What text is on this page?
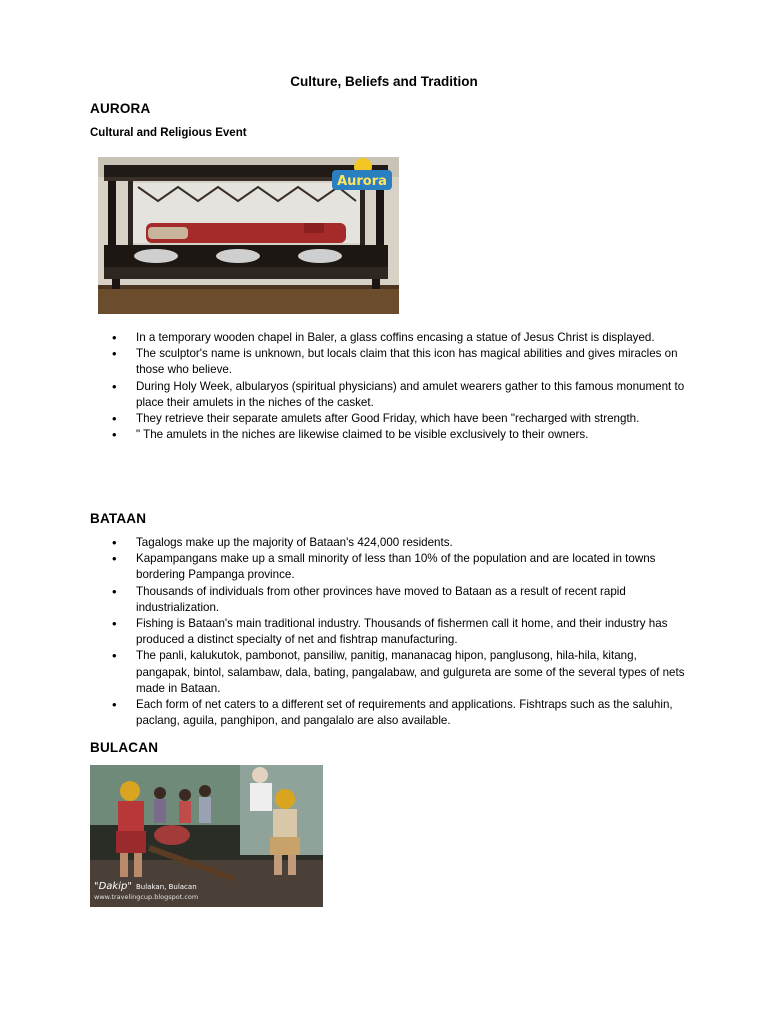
Culture, Beliefs and Tradition
AURORA
Cultural and Religious Event
Aurora
• In a temporary wooden chapel in Baler, a glass coffins encasing a statue of Jesus Christ is displayed.
• The sculptor's name is unknown, but locals claim that this icon has magical abilities and gives miracles on those who believe.
• During Holy Week, albularyos (spiritual physicians) and amulet wearers gather to this famous monument to place their amulets in the niches of the casket.
• They retrieve their separate amulets after Good Friday, which have been "recharged with strength.
• " The amulets in the niches are likewise claimed to be visible exclusively to their owners.
BATAAN
• Tagalogs make up the majority of Bataan's 424,000 residents.
• Kapampangans make up a small minority of less than 10% of the population and are located in towns bordering Pampanga province.
• Thousands of individuals from other provinces have moved to Bataan as a result of recent rapid industrialization.
• Fishing is Bataan's main traditional industry. Thousands of fishermen call it home, and their industry has produced a distinct specialty of net and fishtrap manufacturing.
• The panli, kalukutok, pambonot, pansiliw, panitig, mananacag hipon, panglusong, hila-hila, kitang, pangapak, bintol, salambaw, dala, bating, pangalabaw, and gulgureta are some of the several types of nets made in Bataan.
• Each form of net caters to a different set of requirements and applications. Fishtraps such as the saluhin, paclang, aguila, panghipon, and pangalalo are also available.
BULACAN
"Dakip" Bulakan, Bulacan
www.travelingcup.blogspot.com
